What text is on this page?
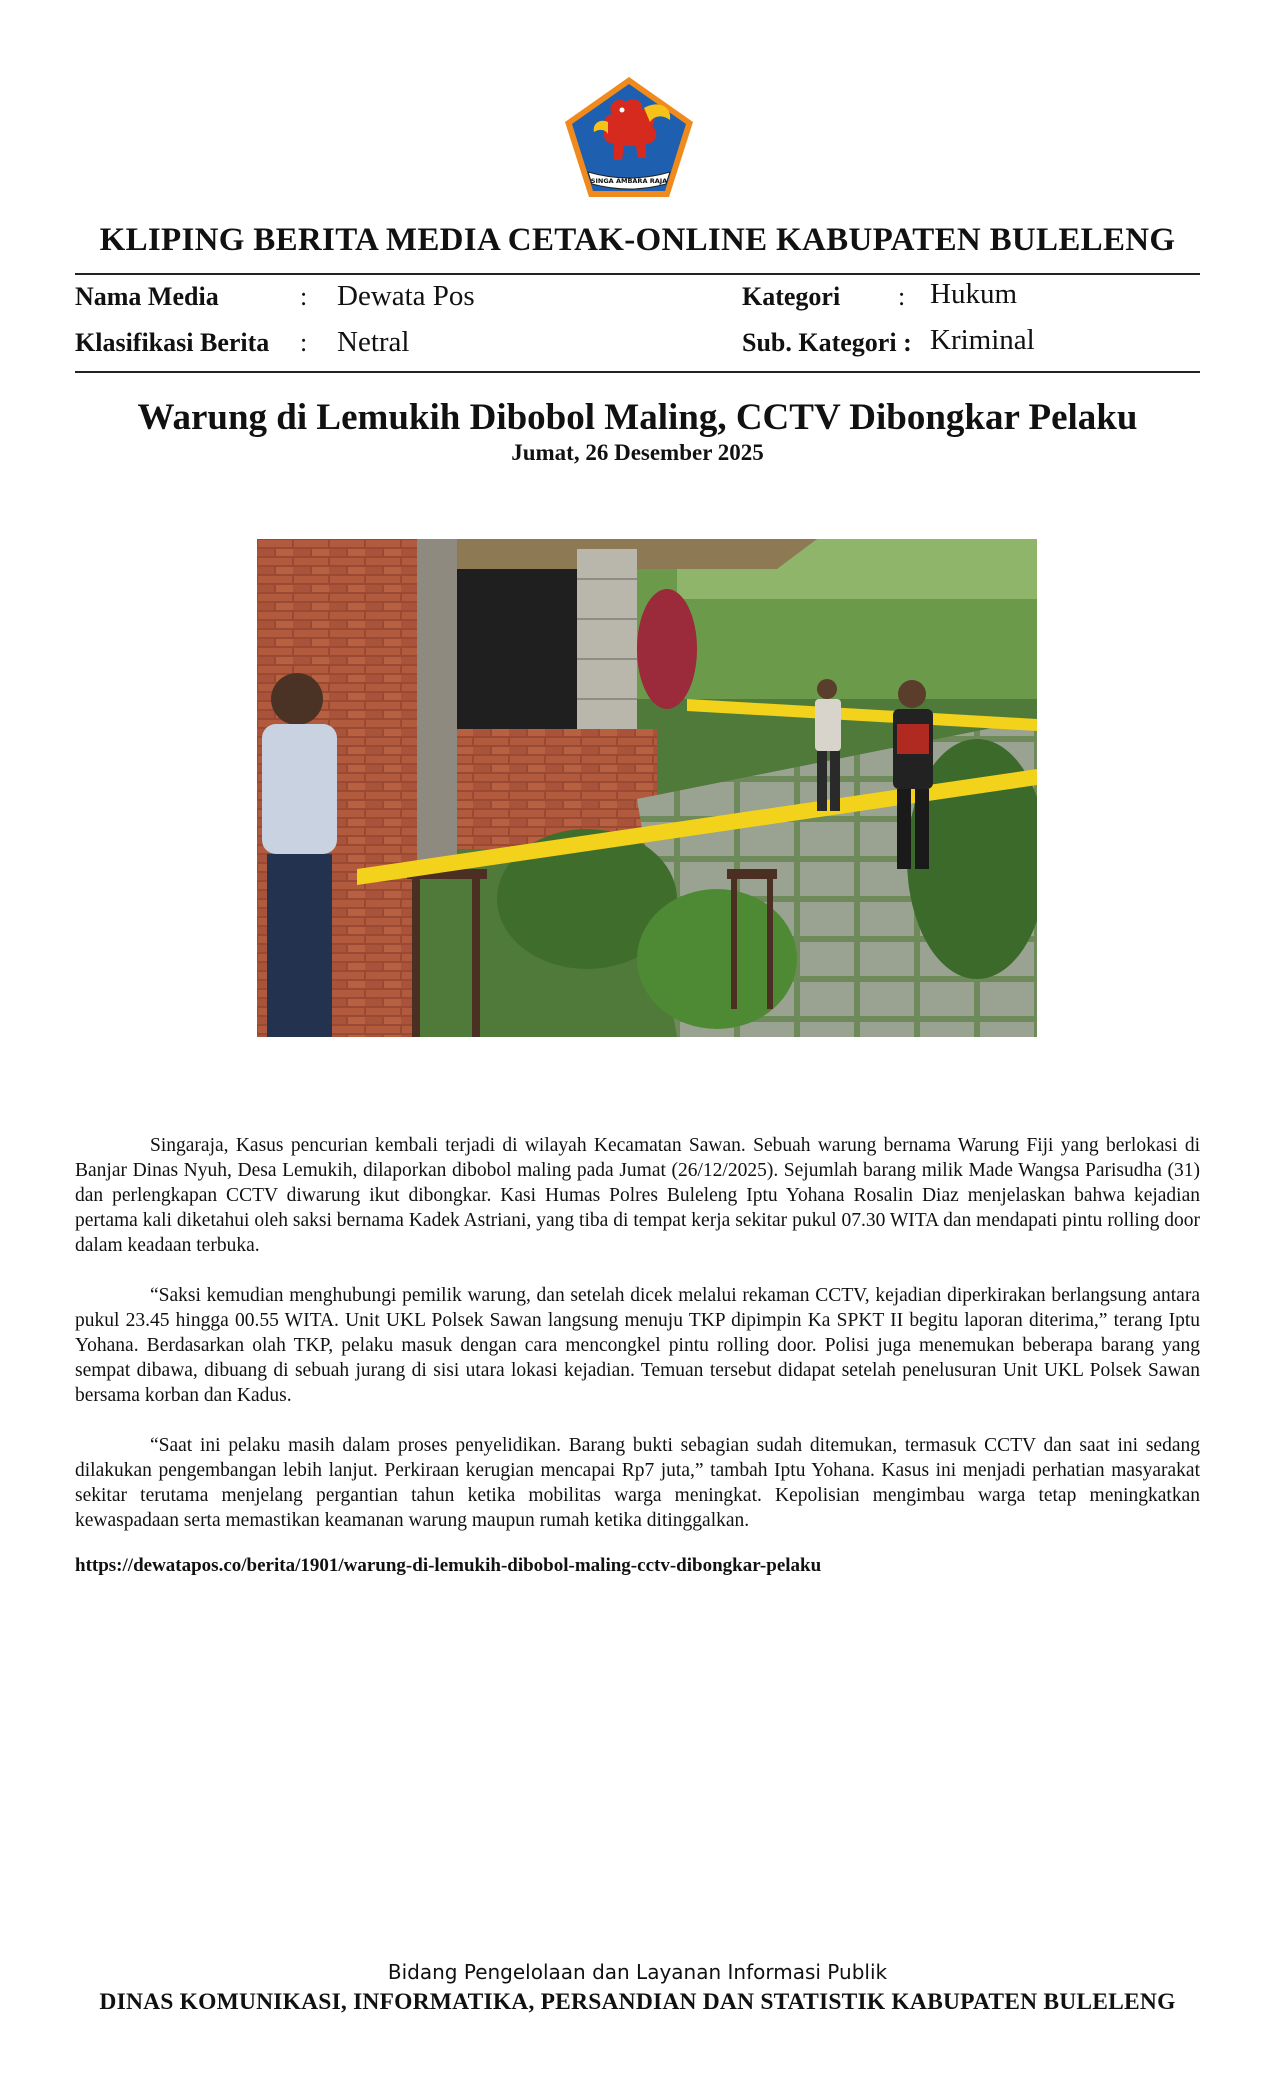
SINGA AMBARA RAJA
KLIPING BERITA MEDIA CETAK-ONLINE KABUPATEN BULELENG
Nama Media	: Dewata Pos	Kategori : Hukum
Klasifikasi Berita : Netral	Sub. Kategori : Kriminal
Warung di Lemukih Dibobol Maling, CCTV Dibongkar Pelaku
Jumat, 26 Desember 2025

Singaraja, Kasus pencurian kembali terjadi di wilayah Kecamatan Sawan. Sebuah warung bernama Warung Fiji yang berlokasi di Banjar Dinas Nyuh, Desa Lemukih, dilaporkan dibobol maling pada Jumat (26/12/2025). Sejumlah barang milik Made Wangsa Parisudha (31) dan perlengkapan CCTV diwarung ikut dibongkar. Kasi Humas Polres Buleleng Iptu Yohana Rosalin Diaz menjelaskan bahwa kejadian pertama kali diketahui oleh saksi bernama Kadek Astriani, yang tiba di tempat kerja sekitar pukul 07.30 WITA dan mendapati pintu rolling door dalam keadaan terbuka.

“Saksi kemudian menghubungi pemilik warung, dan setelah dicek melalui rekaman CCTV, kejadian diperkirakan berlangsung antara pukul 23.45 hingga 00.55 WITA. Unit UKL Polsek Sawan langsung menuju TKP dipimpin Ka SPKT II begitu laporan diterima,” terang Iptu Yohana. Berdasarkan olah TKP, pelaku masuk dengan cara mencongkel pintu rolling door. Polisi juga menemukan beberapa barang yang sempat dibawa, dibuang di sebuah jurang di sisi utara lokasi kejadian. Temuan tersebut didapat setelah penelusuran Unit UKL Polsek Sawan bersama korban dan Kadus.

“Saat ini pelaku masih dalam proses penyelidikan. Barang bukti sebagian sudah ditemukan, termasuk CCTV dan saat ini sedang dilakukan pengembangan lebih lanjut. Perkiraan kerugian mencapai Rp7 juta,” tambah Iptu Yohana. Kasus ini menjadi perhatian masyarakat sekitar terutama menjelang pergantian tahun ketika mobilitas warga meningkat. Kepolisian mengimbau warga tetap meningkatkan kewaspadaan serta memastikan keamanan warung maupun rumah ketika ditinggalkan.

https://dewatapos.co/berita/1901/warung-di-lemukih-dibobol-maling-cctv-dibongkar-pelaku
Bidang Pengelolaan dan Layanan Informasi Publik
DINAS KOMUNIKASI, INFORMATIKA, PERSANDIAN DAN STATISTIK KABUPATEN BULELENG
